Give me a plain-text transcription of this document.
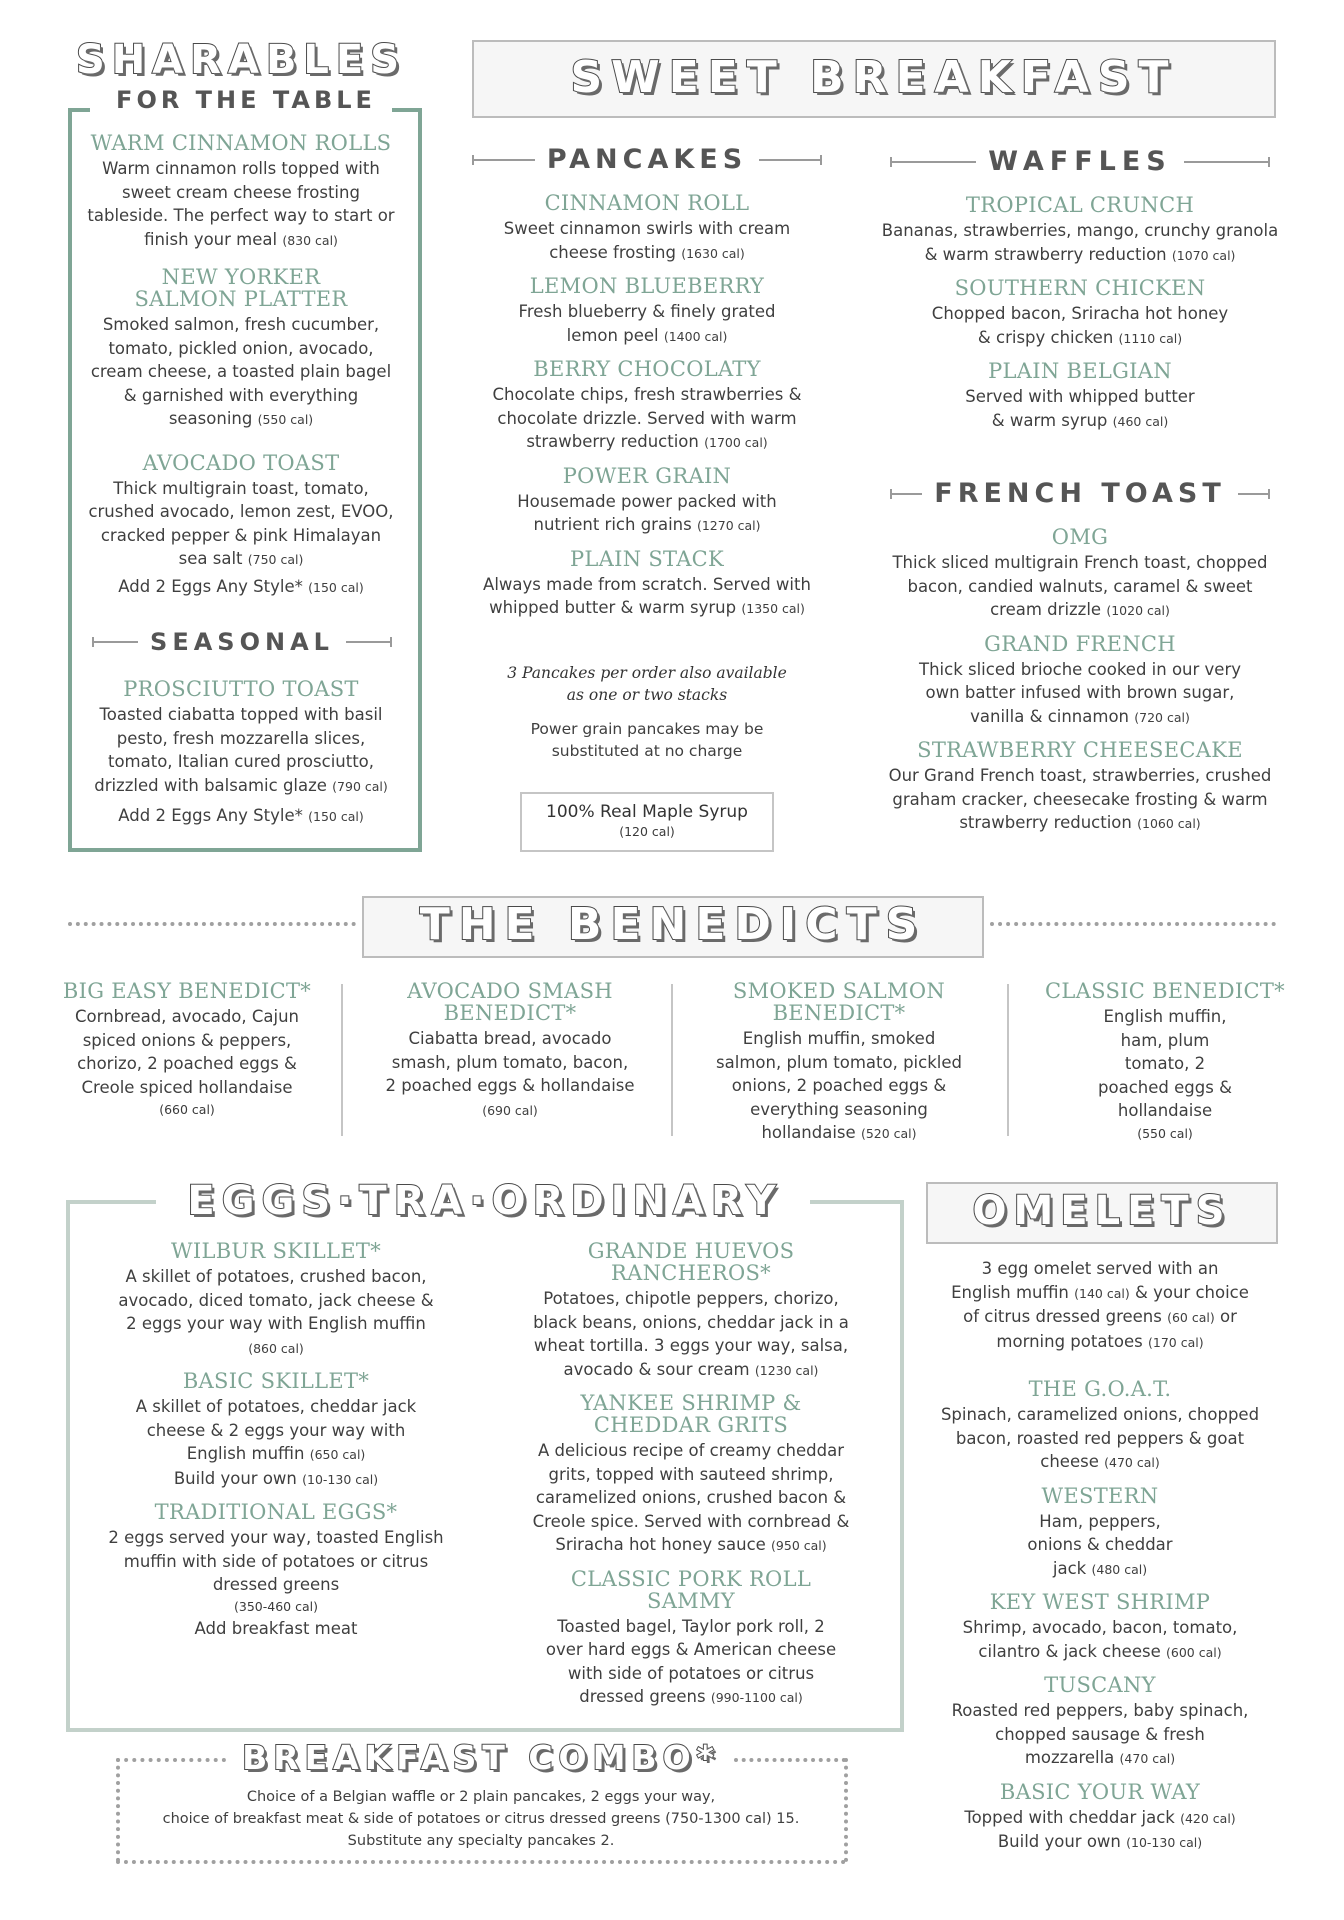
SHARABLES
FOR THE TABLE
WARM CINNAMON ROLLS
Warm cinnamon rolls topped with sweet cream cheese frosting tableside. The perfect way to start or finish your meal (830 cal)
NEW YORKER SALMON PLATTER
Smoked salmon, fresh cucumber, tomato, pickled onion, avocado, cream cheese, a toasted plain bagel & garnished with everything seasoning (550 cal)
AVOCADO TOAST
Thick multigrain toast, tomato, crushed avocado, lemon zest, EVOO, cracked pepper & pink Himalayan sea salt (750 cal)
Add 2 Eggs Any Style* (150 cal)
SEASONAL
PROSCIUTTO TOAST
Toasted ciabatta topped with basil pesto, fresh mozzarella slices, tomato, Italian cured prosciutto, drizzled with balsamic glaze (790 cal)
Add 2 Eggs Any Style* (150 cal)
SWEET BREAKFAST
PANCAKES
CINNAMON ROLL
Sweet cinnamon swirls with cream cheese frosting (1630 cal)
LEMON BLUEBERRY
Fresh blueberry & finely grated lemon peel (1400 cal)
BERRY CHOCOLATY
Chocolate chips, fresh strawberries & chocolate drizzle. Served with warm strawberry reduction (1700 cal)
POWER GRAIN
Housemade power packed with nutrient rich grains (1270 cal)
PLAIN STACK
Always made from scratch. Served with whipped butter & warm syrup (1350 cal)
3 Pancakes per order also available as one or two stacks
Power grain pancakes may be substituted at no charge
100% Real Maple Syrup
(120 cal)
WAFFLES
TROPICAL CRUNCH
Bananas, strawberries, mango, crunchy granola & warm strawberry reduction (1070 cal)
SOUTHERN CHICKEN
Chopped bacon, Sriracha hot honey & crispy chicken (1110 cal)
PLAIN BELGIAN
Served with whipped butter & warm syrup (460 cal)
FRENCH TOAST
OMG
Thick sliced multigrain French toast, chopped bacon, candied walnuts, caramel & sweet cream drizzle (1020 cal)
GRAND FRENCH
Thick sliced brioche cooked in our very own batter infused with brown sugar, vanilla & cinnamon (720 cal)
STRAWBERRY CHEESECAKE
Our Grand French toast, strawberries, crushed graham cracker, cheesecake frosting & warm strawberry reduction (1060 cal)
THE BENEDICTS
BIG EASY BENEDICT*
Cornbread, avocado, Cajun spiced onions & peppers, chorizo, 2 poached eggs & Creole spiced hollandaise
(660 cal)
AVOCADO SMASH BENEDICT*
Ciabatta bread, avocado smash, plum tomato, bacon, 2 poached eggs & hollandaise (690 cal)
SMOKED SALMON BENEDICT*
English muffin, smoked salmon, plum tomato, pickled onions, 2 poached eggs & everything seasoning hollandaise (520 cal)
CLASSIC BENEDICT*
English muffin, ham, plum tomato, 2 poached eggs & hollandaise
(550 cal)
EGGS·TRA·ORDINARY
WILBUR SKILLET*
A skillet of potatoes, crushed bacon, avocado, diced tomato, jack cheese & 2 eggs your way with English muffin (860 cal)
BASIC SKILLET*
A skillet of potatoes, cheddar jack cheese & 2 eggs your way with English muffin (650 cal)
Build your own (10-130 cal)
TRADITIONAL EGGS*
2 eggs served your way, toasted English muffin with side of potatoes or citrus dressed greens
(350-460 cal)
Add breakfast meat
GRANDE HUEVOS RANCHEROS*
Potatoes, chipotle peppers, chorizo, black beans, onions, cheddar jack in a wheat tortilla. 3 eggs your way, salsa, avocado & sour cream (1230 cal)
YANKEE SHRIMP & CHEDDAR GRITS
A delicious recipe of creamy cheddar grits, topped with sauteed shrimp, caramelized onions, crushed bacon & Creole spice. Served with cornbread & Sriracha hot honey sauce (950 cal)
CLASSIC PORK ROLL SAMMY
Toasted bagel, Taylor pork roll, 2 over hard eggs & American cheese with side of potatoes or citrus dressed greens (990-1100 cal)
BREAKFAST COMBO*
Choice of a Belgian waffle or 2 plain pancakes, 2 eggs your way,
choice of breakfast meat & side of potatoes or citrus dressed greens (750-1300 cal) 15.
Substitute any specialty pancakes 2.
OMELETS
3 egg omelet served with an English muffin (140 cal) & your choice of citrus dressed greens (60 cal) or morning potatoes (170 cal)
THE G.O.A.T.
Spinach, caramelized onions, chopped bacon, roasted red peppers & goat cheese (470 cal)
WESTERN
Ham, peppers, onions & cheddar jack (480 cal)
KEY WEST SHRIMP
Shrimp, avocado, bacon, tomato, cilantro & jack cheese (600 cal)
TUSCANY
Roasted red peppers, baby spinach, chopped sausage & fresh mozzarella (470 cal)
BASIC YOUR WAY
Topped with cheddar jack (420 cal)
Build your own (10-130 cal)
